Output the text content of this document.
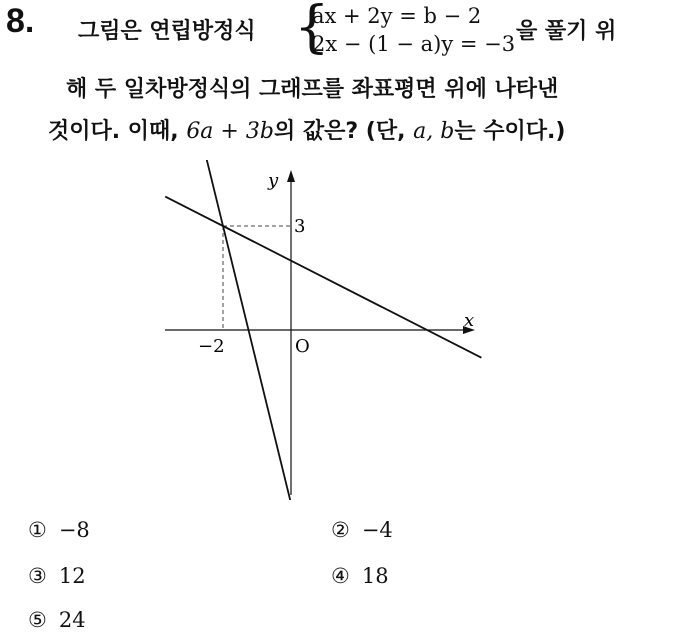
8. 그림은 연립방정식 {
ax + 2y = b − 2
2x − (1 − a)y = −3 을 풀기 위
해 두 일차방정식의 그래프를 좌표평면 위에 나타낸
것이다. 이때, 6a + 3b의 값은? (단, a, b는 수이다.)
y
x
O
−2
3
① −8	② −4
③ 12	④ 18
⑤ 24
